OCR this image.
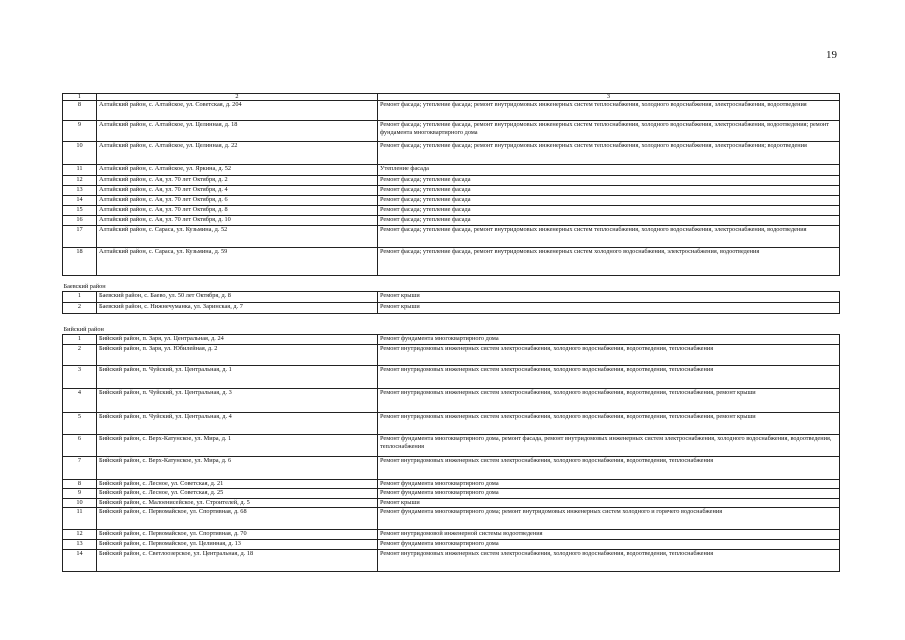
19
1	2	3
8	Алтайский район, с. Алтайское, ул. Советская, д. 204	Ремонт фасада; утепление фасада; ремонт внутридомовых инженерных систем теплоснабжения, холодного водоснабжения, электроснабжения, водоотведения
9	Алтайский район, с. Алтайское, ул. Целинная, д. 18	Ремонт фасада; утепление фасада, ремонт внутридомовых инженерных систем теплоснабжения, холодного водоснабжения, электроснабжения, водоотведения; ремонт фундамента многоквартирного дома
10	Алтайский район, с. Алтайское, ул. Целинная, д. 22	Ремонт фасада; утепление фасада; ремонт внутридомовых инженерных систем теплоснабжения, холодного водоснабжения, электроснабжения; водоотведения
11	Алтайский район, с. Алтайское, ул. Яркина, д. 52	Утепление фасада
12	Алтайский район, с. Ая, ул. 70 лет Октября, д. 2	Ремонт фасада; утепление фасада
13	Алтайский район, с. Ая, ул. 70 лет Октября, д. 4	Ремонт фасада; утепление фасада
14	Алтайский район, с. Ая, ул. 70 лет Октября, д. 6	Ремонт фасада; утепление фасада
15	Алтайский район, с. Ая, ул. 70 лет Октября, д. 8	Ремонт фасада; утепление фасада
16	Алтайский район, с. Ая, ул. 70 лет Октября, д. 10	Ремонт фасада; утепление фасада
17	Алтайский район, с. Сараса, ул. Кузьмина, д. 52	Ремонт фасада; утепление фасада, ремонт внутридомовых инженерных систем теплоснабжения, холодного водоснабжения, электроснабжения, водоотведения
18	Алтайский район, с. Сараса, ул. Кузьмина, д. 59	Ремонт фасада; утепление фасада, ремонт внутридомовых инженерных систем холодного водоснабжения, электроснабжения, водоотведения
Баевский район		
1	Баевский район, с. Баево, ул. 50 лет Октября, д. 8	Ремонт крыши
2	Баевский район, с. Нижнечуманка, ул. Заринская, д. 7	Ремонт крыши
Бийский район		
1	Бийский район, п. Заря, ул. Центральная, д. 24	Ремонт фундамента многоквартирного дома
2	Бийский район, п. Заря, ул. Юбилейная, д. 2	Ремонт внутридомовых инженерных систем электроснабжения, холодного водоснабжения, водоотведения, теплоснабжения
3	Бийский район, п. Чуйский, ул. Центральная, д. 1	Ремонт внутридомовых инженерных систем электроснабжения, холодного водоснабжения, водоотведения, теплоснабжения
4	Бийский район, п. Чуйский, ул. Центральная, д. 3	Ремонт внутридомовых инженерных систем электроснабжения, холодного водоснабжения, водоотведения, теплоснабжения, ремонт крыши
5	Бийский район, п. Чуйский, ул. Центральная, д. 4	Ремонт внутридомовых инженерных систем электроснабжения, холодного водоснабжения, водоотведения, теплоснабжения, ремонт крыши
6	Бийский район, с. Верх-Катунское, ул. Мира, д. 1	Ремонт фундамента многоквартирного дома, ремонт фасада, ремонт внутридомовых инженерных систем электроснабжения, холодного водоснабжения, водоотведения, теплоснабжения
7	Бийский район, с. Верх-Катунское, ул. Мира, д. 6	Ремонт внутридомовых инженерных систем электроснабжения, холодного водоснабжения, водоотведения, теплоснабжения
8	Бийский район, с. Лесное, ул. Советская, д. 21	Ремонт фундамента многоквартирного дома
9	Бийский район, с. Лесное, ул. Советская, д. 25	Ремонт фундамента многоквартирного дома
10	Бийский район, с. Малоенисейское, ул. Строителей, д. 5	Ремонт крыши
11	Бийский район, с. Первомайское, ул. Спортивная, д. 68	Ремонт фундамента многоквартирного дома; ремонт внутридомовых инженерных систем холодного и горячего водоснабжения
12	Бийский район, с. Первомайское, ул. Спортивная, д. 70	Ремонт внутридомовой инженерной системы водоотведения
13	Бийский район, с. Первомайское, ул. Целинная, д. 13	Ремонт фундамента многоквартирного дома
14	Бийский район, с. Светлоозерское, ул. Центральная, д. 18	Ремонт внутридомовых инженерных систем электроснабжения, холодного водоснабжения, водоотведения, теплоснабжения
